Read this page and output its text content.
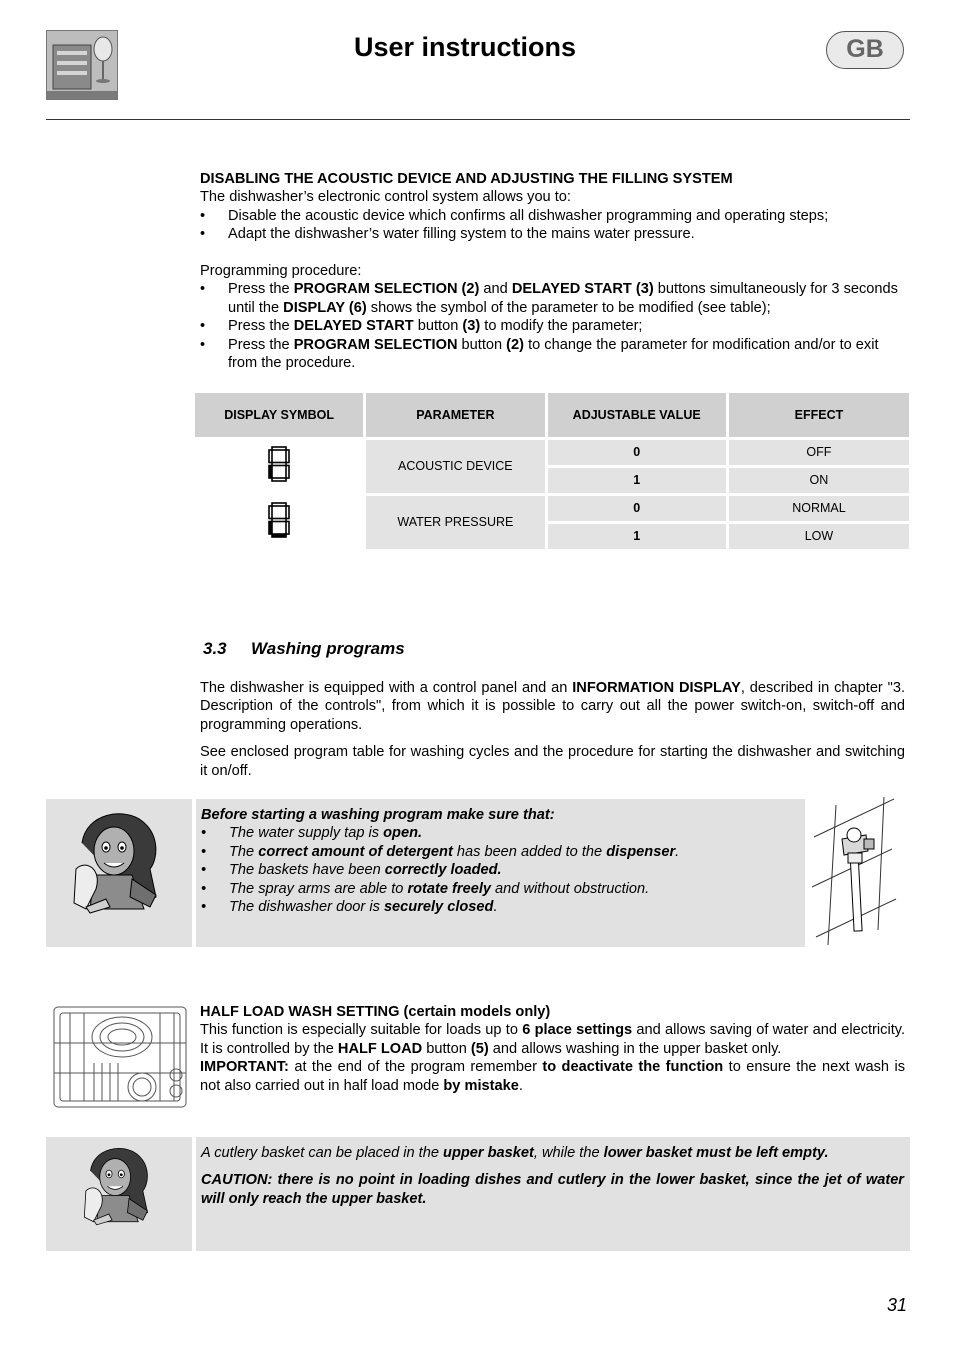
User instructions	GB

DISABLING THE ACOUSTIC DEVICE AND ADJUSTING THE FILLING SYSTEM

The dishwasher’s electronic control system allows you to:

• Disable the acoustic device which confirms all dishwasher programming and operating steps;
• Adapt the dishwasher’s water filling system to the mains water pressure.

Programming procedure:

• Press the PROGRAM SELECTION (2) and DELAYED START (3) buttons simultaneously for 3 seconds until the DISPLAY (6) shows the symbol of the parameter to be modified (see table);
• Press the DELAYED START button (3) to modify the parameter;
• Press the PROGRAM SELECTION button (2) to change the parameter for modification and/or to exit from the procedure.
DISPLAY SYMBOL	PARAMETER	ADJUSTABLE VALUE	EFFECT
	ACOUSTIC DEVICE	0	OFF
		1	ON
	WATER PRESSURE	0	NORMAL
		1	LOW
3.3 Washing programs

The dishwasher is equipped with a control panel and an INFORMATION DISPLAY, described in chapter "3. Description of the controls", from which it is possible to carry out all the power switch-on, switch-off and programming operations.

See enclosed program table for washing cycles and the procedure for starting the dishwasher and switching it on/off.

Before starting a washing program make sure that:

• The water supply tap is open.
• The correct amount of detergent has been added to the dispenser.
• The baskets have been correctly loaded.
• The spray arms are able to rotate freely and without obstruction.
• The dishwasher door is securely closed.

HALF LOAD WASH SETTING (certain models only)

This function is especially suitable for loads up to 6 place settings and allows saving of water and electricity. It is controlled by the HALF LOAD button (5) and allows washing in the upper basket only.

IMPORTANT: at the end of the program remember to deactivate the function to ensure the next wash is not also carried out in half load mode by mistake.

A cutlery basket can be placed in the upper basket, while the lower basket must be left empty.

CAUTION: there is no point in loading dishes and cutlery in the lower basket, since the jet of water will only reach the upper basket.

31
